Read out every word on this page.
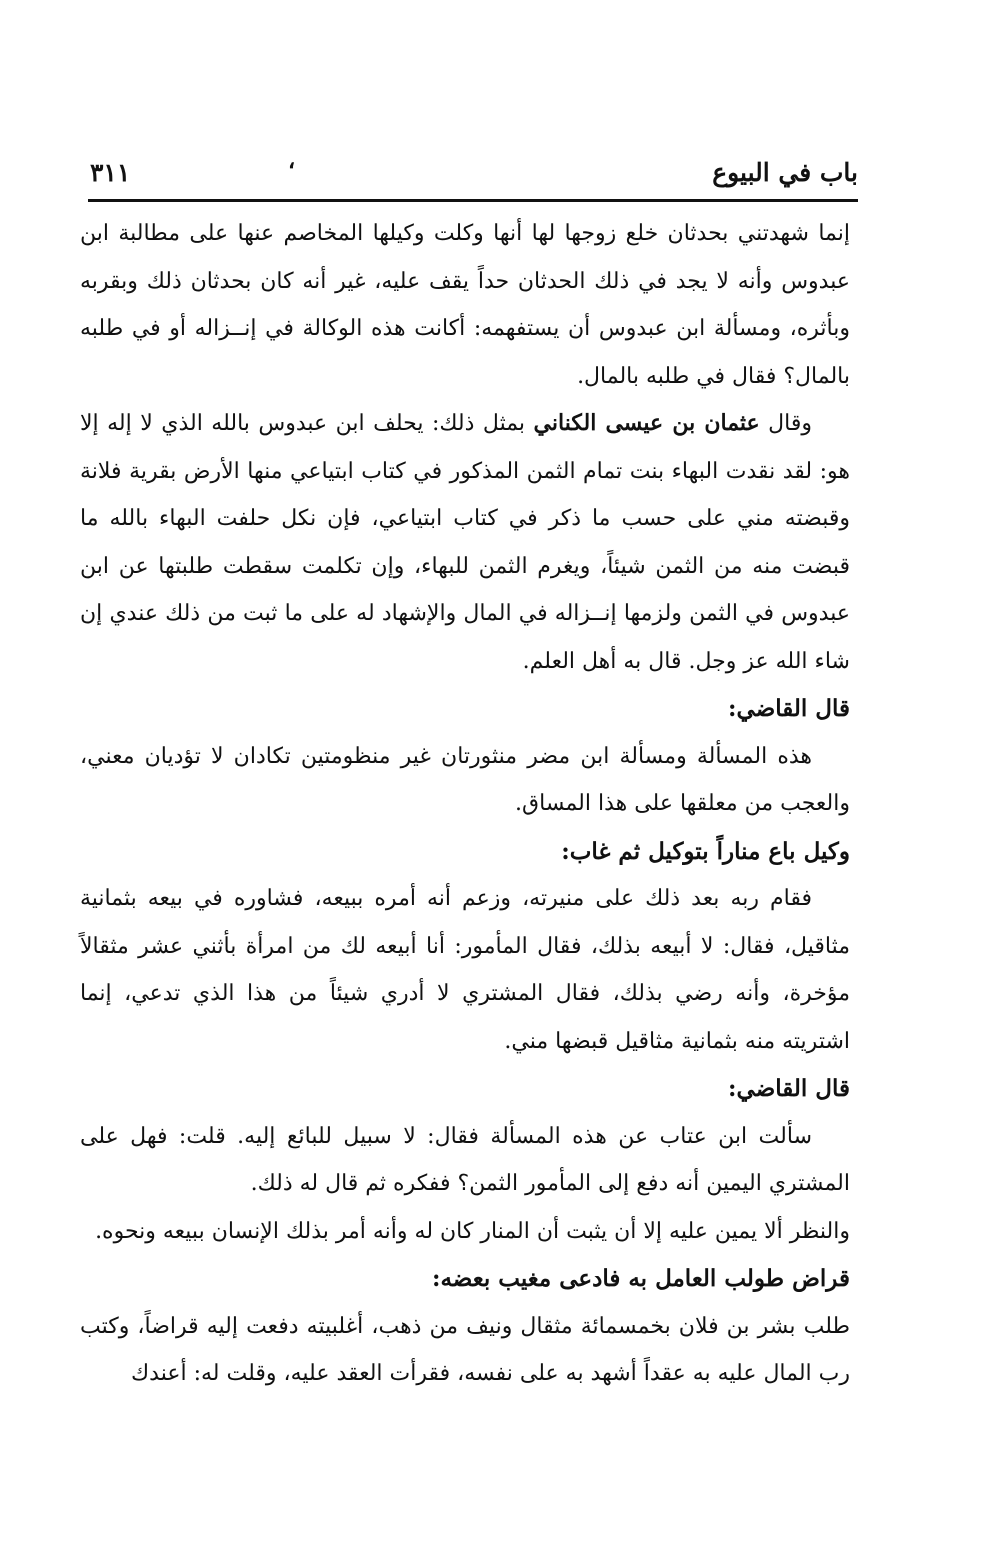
باب في البيوع
،
٣١١

إنما شهدتني بحدثان خلع زوجها لها أنها وكلت وكيلها المخاصم عنها على مطالبة ابن عبدوس وأنه لا يجد في ذلك الحدثان حداً يقف عليه، غير أنه كان بحدثان ذلك وبقربه وبأثره، ومسألة ابن عبدوس أن يستفهمه: أكانت هذه الوكالة في إنــزاله أو في طلبه بالمال؟ فقال في طلبه بالمال.

وقال عثمان بن عيسى الكناني بمثل ذلك: يحلف ابن عبدوس بالله الذي لا إله إلا هو: لقد نقدت البهاء بنت تمام الثمن المذكور في كتاب ابتياعي منها الأرض بقرية فلانة وقبضته مني على حسب ما ذكر في كتاب ابتياعي، فإن نكل حلفت البهاء بالله ما قبضت منه من الثمن شيئاً، ويغرم الثمن للبهاء، وإن تكلمت سقطت طلبتها عن ابن عبدوس في الثمن ولزمها إنــزاله في المال والإشهاد له على ما ثبت من ذلك عندي إن شاء الله عز وجل. قال به أهل العلم.

قال القاضي:

هذه المسألة ومسألة ابن مضر منثورتان غير منظومتين تكادان لا تؤديان معني، والعجب من معلقها على هذا المساق.

وكيل باع مناراً بتوكيل ثم غاب:

فقام ربه بعد ذلك على منيرته، وزعم أنه أمره ببيعه، فشاوره في بيعه بثمانية مثاقيل، فقال: لا أبيعه بذلك، فقال المأمور: أنا أبيعه لك من امرأة بأثني عشر مثقالاً مؤخرة، وأنه رضي بذلك، فقال المشتري لا أدري شيئاً من هذا الذي تدعي، إنما اشتريته منه بثمانية مثاقيل قبضها مني.

قال القاضي:

سألت ابن عتاب عن هذه المسألة فقال: لا سبيل للبائع إليه. قلت: فهل على المشتري اليمين أنه دفع إلى المأمور الثمن؟ ففكره ثم قال له ذلك.

والنظر ألا يمين عليه إلا أن يثبت أن المنار كان له وأنه أمر بذلك الإنسان ببيعه ونحوه.

قراض طولب العامل به فادعى مغيب بعضه:

طلب بشر بن فلان بخمسمائة مثقال ونيف من ذهب، أغلبيته دفعت إليه قراضاً، وكتب رب المال عليه به عقداً أشهد به على نفسه، فقرأت العقد عليه، وقلت له: أعندك
